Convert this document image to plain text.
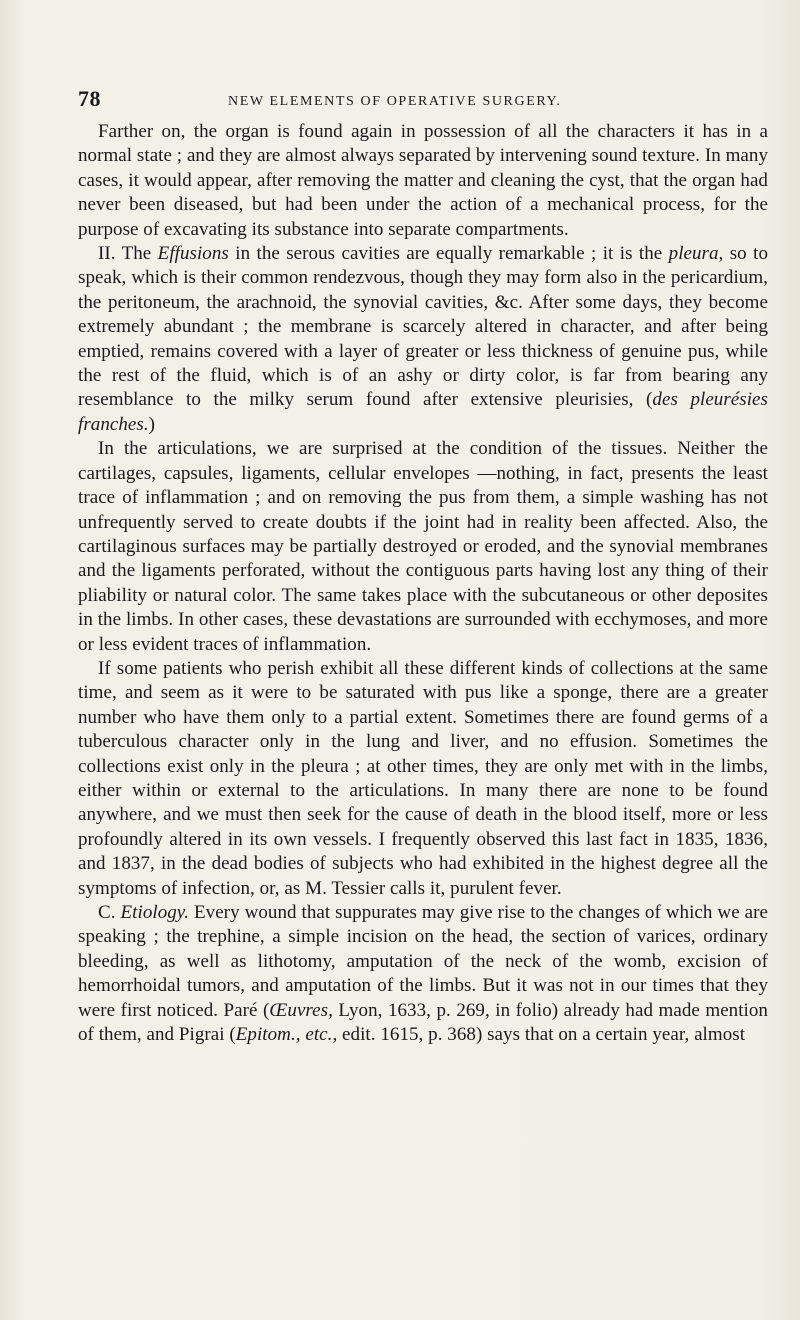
78	NEW ELEMENTS OF OPERATIVE SURGERY.

Farther on, the organ is found again in possession of all the characters it has in a normal state ; and they are almost always separated by intervening sound texture. In many cases, it would appear, after removing the matter and cleaning the cyst, that the organ had never been diseased, but had been under the action of a mechanical process, for the purpose of excavating its substance into separate compartments.

II. The Effusions in the serous cavities are equally remarkable ; it is the pleura, so to speak, which is their common rendezvous, though they may form also in the pericardium, the peritoneum, the arachnoid, the synovial cavities, &c. After some days, they become extremely abundant ; the membrane is scarcely altered in character, and after being emptied, remains covered with a layer of greater or less thickness of genuine pus, while the rest of the fluid, which is of an ashy or dirty color, is far from bearing any resemblance to the milky serum found after extensive pleurisies, (des pleurésies franches.)

In the articulations, we are surprised at the condition of the tissues. Neither the cartilages, capsules, ligaments, cellular envelopes —nothing, in fact, presents the least trace of inflammation ; and on removing the pus from them, a simple washing has not unfrequently served to create doubts if the joint had in reality been affected. Also, the cartilaginous surfaces may be partially destroyed or eroded, and the synovial membranes and the ligaments perforated, without the contiguous parts having lost any thing of their pliability or natural color. The same takes place with the subcutaneous or other deposites in the limbs. In other cases, these devastations are surrounded with ecchymoses, and more or less evident traces of inflammation.

If some patients who perish exhibit all these different kinds of collections at the same time, and seem as it were to be saturated with pus like a sponge, there are a greater number who have them only to a partial extent. Sometimes there are found germs of a tuberculous character only in the lung and liver, and no effusion. Sometimes the collections exist only in the pleura ; at other times, they are only met with in the limbs, either within or external to the articulations. In many there are none to be found anywhere, and we must then seek for the cause of death in the blood itself, more or less profoundly altered in its own vessels. I frequently observed this last fact in 1835, 1836, and 1837, in the dead bodies of subjects who had exhibited in the highest degree all the symptoms of infection, or, as M. Tessier calls it, purulent fever.

C. Etiology. Every wound that suppurates may give rise to the changes of which we are speaking ; the trephine, a simple incision on the head, the section of varices, ordinary bleeding, as well as lithotomy, amputation of the neck of the womb, excision of hemorrhoidal tumors, and amputation of the limbs. But it was not in our times that they were first noticed. Paré (Œuvres, Lyon, 1633, p. 269, in folio) already had made mention of them, and Pigrai (Epitom., etc., edit. 1615, p. 368) says that on a certain year, almost
